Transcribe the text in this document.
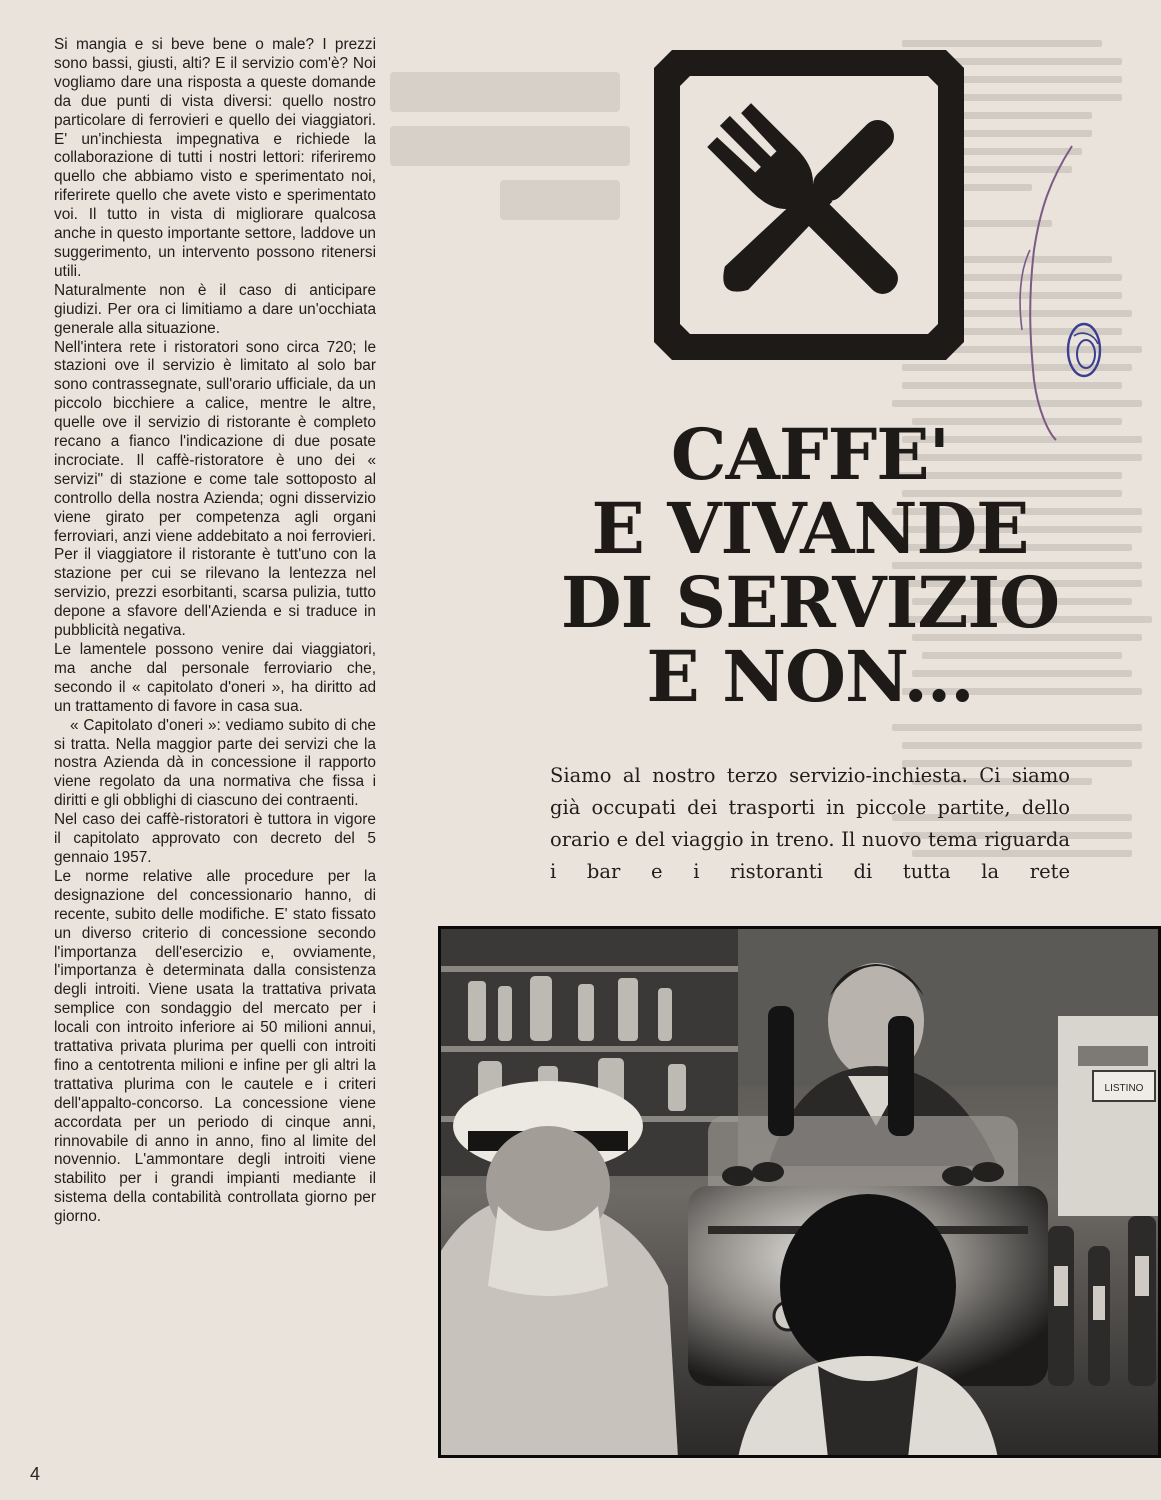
Si mangia e si beve bene o male? I prezzi sono bassi, giusti, alti? E il servizio com'è? Noi vogliamo dare una risposta a queste domande da due punti di vista diversi: quello nostro particolare di ferrovieri e quello dei viaggiatori. E' un'inchiesta impegnativa e richiede la collaborazione di tutti i nostri lettori: riferiremo quello che abbiamo visto e sperimentato noi, riferirete quello che avete visto e sperimentato voi. Il tutto in vista di migliorare qualcosa anche in questo importante settore, laddove un suggerimento, un intervento possono ritenersi utili.

Naturalmente non è il caso di anticipare giudizi. Per ora ci limitiamo a dare un'occhiata generale alla situazione.

Nell'intera rete i ristoratori sono circa 720; le stazioni ove il servizio è limitato al solo bar sono contrassegnate, sull'orario ufficiale, da un piccolo bicchiere a calice, mentre le altre, quelle ove il servizio di ristorante è completo recano a fianco l'indicazione di due posate incrociate. Il caffè-ristoratore è uno dei « servizi" di stazione e come tale sottoposto al controllo della nostra Azienda; ogni disservizio viene girato per competenza agli organi ferroviari, anzi viene addebitato a noi ferrovieri. Per il viaggiatore il ristorante è tutt'uno con la stazione per cui se rilevano la lentezza nel servizio, prezzi esorbitanti, scarsa pulizia, tutto depone a sfavore dell'Azienda e si traduce in pubblicità negativa.

Le lamentele possono venire dai viaggiatori, ma anche dal personale ferroviario che, secondo il « capitolato d'oneri », ha diritto ad un trattamento di favore in casa sua.

« Capitolato d'oneri »: vediamo subito di che si tratta. Nella maggior parte dei servizi che la nostra Azienda dà in concessione il rapporto viene regolato da una normativa che fissa i diritti e gli obblighi di ciascuno dei contraenti.

Nel caso dei caffè-ristoratori è tuttora in vigore il capitolato approvato con decreto del 5 gennaio 1957.

Le norme relative alle procedure per la designazione del concessionario hanno, di recente, subito delle modifiche. E' stato fissato un diverso criterio di concessione secondo l'importanza dell'esercizio e, ovviamente, l'importanza è determinata dalla consistenza degli introiti. Viene usata la trattativa privata semplice con sondaggio del mercato per i locali con introito inferiore ai 50 milioni annui, trattativa privata plurima per quelli con introiti fino a centotrenta milioni e infine per gli altri la trattativa plurima con le cautele e i criteri dell'appalto-concorso. La concessione viene accordata per un periodo di cinque anni, rinnovabile di anno in anno, fino al limite del novennio. L'ammontare degli introiti viene stabilito per i grandi impianti mediante il sistema della contabilità controllata giorno per giorno.

4
CAFFE'
E VIVANDE
DI SERVIZIO
E NON...
Siamo al nostro terzo servizio-inchiesta. Ci siamo già occupati dei trasporti in piccole partite, dello orario e del viaggio in treno. Il nuovo tema riguarda i bar e i ristoranti di tutta la rete
LISTINO
